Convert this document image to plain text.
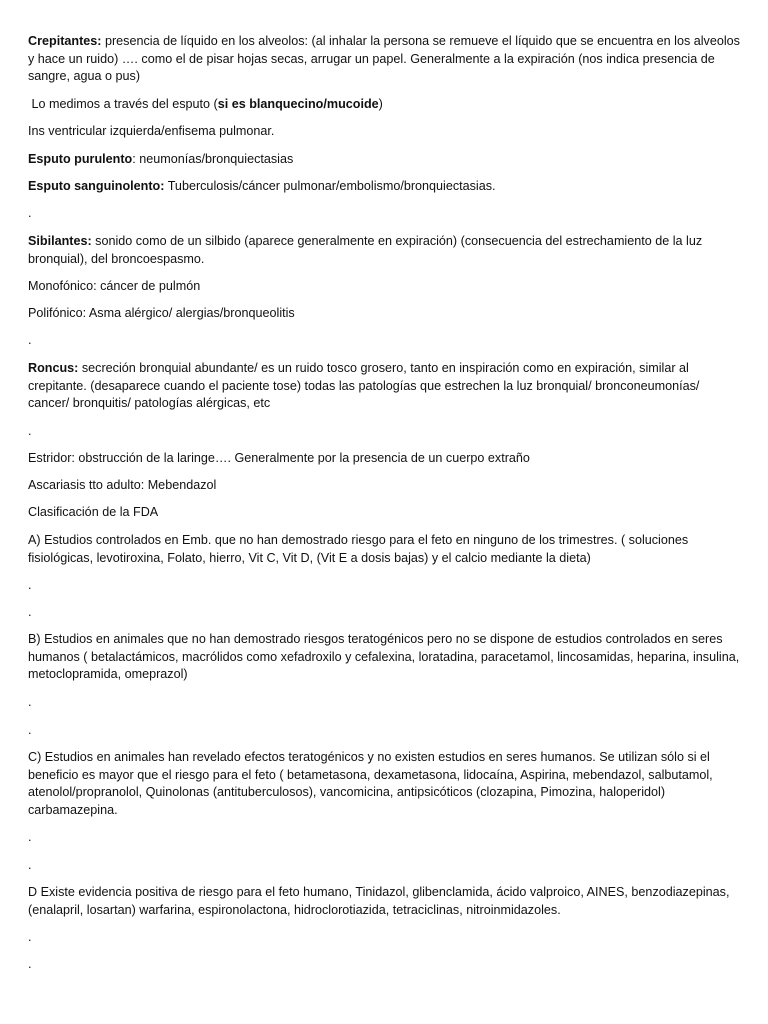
Crepitantes: presencia de líquido en los alveolos: (al inhalar la persona se remueve el líquido que se encuentra en los alveolos y hace un ruido) …. como el de pisar hojas secas, arrugar un papel. Generalmente a la expiración (nos indica presencia de sangre, agua o pus)

Lo medimos a través del esputo (si es blanquecino/mucoide)

Ins ventricular izquierda/enfisema pulmonar.

Esputo purulento: neumonías/bronquiectasias

Esputo sanguinolento: Tuberculosis/cáncer pulmonar/embolismo/bronquiectasias.

.

Sibilantes: sonido como de un silbido (aparece generalmente en expiración) (consecuencia del estrechamiento de la luz bronquial), del broncoespasmo.

Monofónico: cáncer de pulmón

Polifónico: Asma alérgico/ alergias/bronqueolitis

.

Roncus: secreción bronquial abundante/ es un ruido tosco grosero, tanto en inspiración como en expiración, similar al crepitante. (desaparece cuando el paciente tose) todas las patologías que estrechen la luz bronquial/ bronconeumonías/ cancer/ bronquitis/ patologías alérgicas, etc

.

Estridor: obstrucción de la laringe…. Generalmente por la presencia de un cuerpo extraño

Ascariasis tto adulto: Mebendazol

Clasificación de la FDA

A) Estudios controlados en Emb. que no han demostrado riesgo para el feto en ninguno de los trimestres. ( soluciones fisiológicas, levotiroxina, Folato, hierro, Vit C, Vit D, (Vit E a dosis bajas) y el calcio mediante la dieta)

.

.

B) Estudios en animales que no han demostrado riesgos teratogénicos pero no se dispone de estudios controlados en seres humanos ( betalactámicos, macrólidos como xefadroxilo y cefalexina, loratadina, paracetamol, lincosamidas, heparina, insulina, metoclopramida, omeprazol)

.

.

C) Estudios en animales han revelado efectos teratogénicos y no existen estudios en seres humanos. Se utilizan sólo si el beneficio es mayor que el riesgo para el feto ( betametasona, dexametasona, lidocaína, Aspirina, mebendazol, salbutamol, atenolol/propranolol, Quinolonas (antituberculosos), vancomicina, antipsicóticos (clozapina, Pimozina, haloperidol) carbamazepina.

.

.

D Existe evidencia positiva de riesgo para el feto humano, Tinidazol, glibenclamida, ácido valproico, AINES, benzodiazepinas, (enalapril, losartan) warfarina, espironolactona, hidroclorotiazida, tetraciclinas, nitroinmidazoles.

.

.
